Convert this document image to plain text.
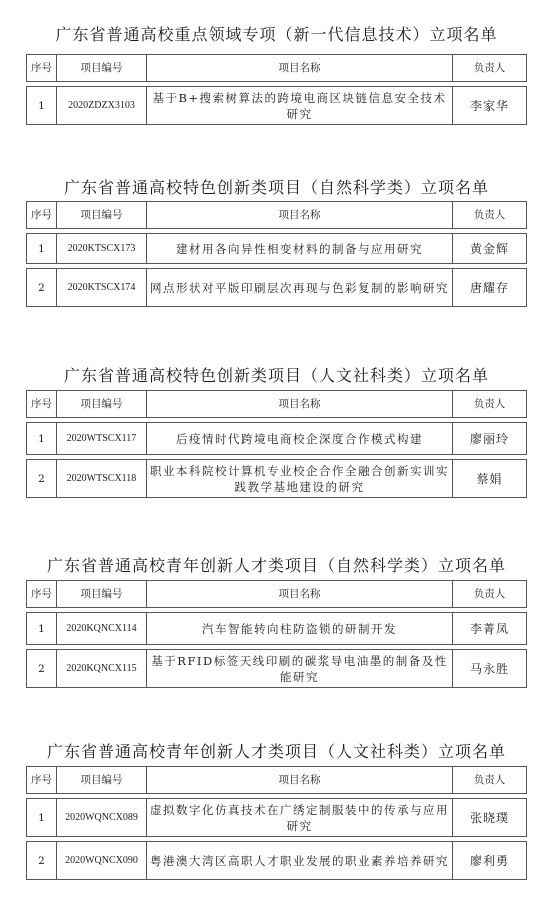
广东省普通高校重点领域专项（新一代信息技术）立项名单
序号	项目编号	项目名称	负责人

1	2020ZDZX3103	基于B+搜索树算法的跨境电商区块链信息安全技术研究	李家华
广东省普通高校特色创新类项目（自然科学类）立项名单
序号	项目编号	项目名称	负责人

1	2020KTSCX173	建材用各向异性相变材料的制备与应用研究	黄金辉

2	2020KTSCX174	网点形状对平版印刷层次再现与色彩复制的影响研究	唐耀存
广东省普通高校特色创新类项目（人文社科类）立项名单
序号	项目编号	项目名称	负责人

1	2020WTSCX117	后疫情时代跨境电商校企深度合作模式构建	廖丽玲

2	2020WTSCX118	职业本科院校计算机专业校企合作全融合创新实训实践教学基地建设的研究	蔡娟
广东省普通高校青年创新人才类项目（自然科学类）立项名单
序号	项目编号	项目名称	负责人

1	2020KQNCX114	汽车智能转向柱防盗锁的研制开发	李菁凤

2	2020KQNCX115	基于RFID标签天线印刷的碳浆导电油墨的制备及性能研究	马永胜
广东省普通高校青年创新人才类项目（人文社科类）立项名单
序号	项目编号	项目名称	负责人

1	2020WQNCX089	虚拟数字化仿真技术在广绣定制服装中的传承与应用研究	张晓璞

2	2020WQNCX090	粤港澳大湾区高职人才职业发展的职业素养培养研究	廖利勇
